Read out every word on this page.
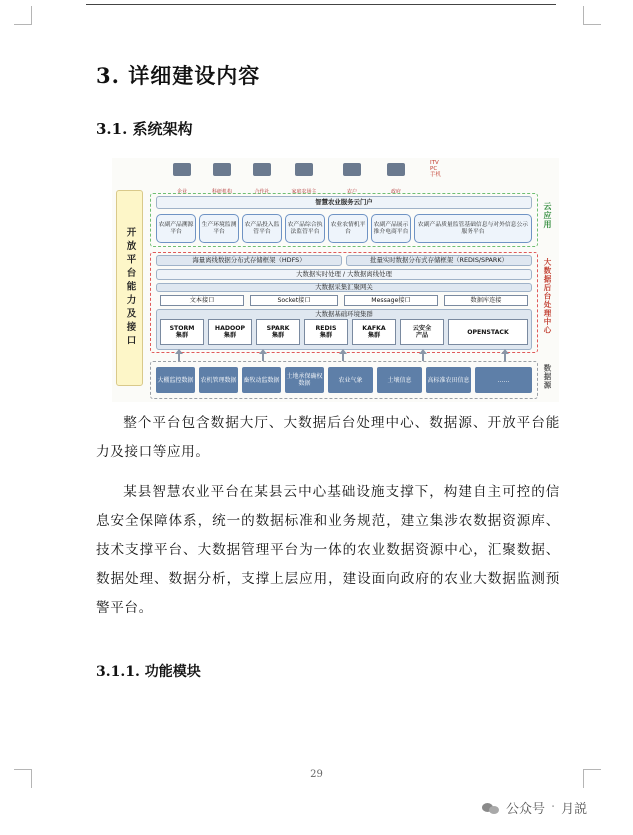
3. 详细建设内容
3.1. 系统架构
企业	科研机构	合作社	家庭农场主	农户	政府
ITV
PC
手机
开放平台能力及接口
云应用
智慧农业服务云门户
农副产品溯源平台
生产环境监测平台
农产品投入监管平台
农产品综合执法监管平台
农业农情机平台
农副产品展示推介电商平台
农副产品质量监管基础信息与对外信息公示服务平台
大数据后台处理中心
海量离线数据分布式存储框架（HDFS）	批量实时数据分布式存储框架（REDIS/SPARK）
大数据实时处理 / 大数据离线处理
大数据采集汇聚网关
文本接口	Socket接口	Message接口	数据库连接
大数据基础环境集群
STORM
集群
HADOOP
集群
SPARK
集群
REDIS
集群
KAFKA
集群
云安全
产品	OPENSTACK
数据源
大棚监控数据 农机管理数据 畜牧动监数据 土地承保确权数据	农业气象	土壤信息	高标准农田信息	……
整个平台包含数据大厅、大数据后台处理中心、数据源、开放平台能力及接口等应用。
某县智慧农业平台在某县云中心基础设施支撑下，构建自主可控的信息安全保障体系，统一的数据标准和业务规范，建立集涉农数据资源库、技术支撑平台、大数据管理平台为一体的农业数据资源中心，汇聚数据、数据处理、数据分析，支撑上层应用，建设面向政府的农业大数据监测预警平台。
3.1.1. 功能模块
29
公众号 · 月説
